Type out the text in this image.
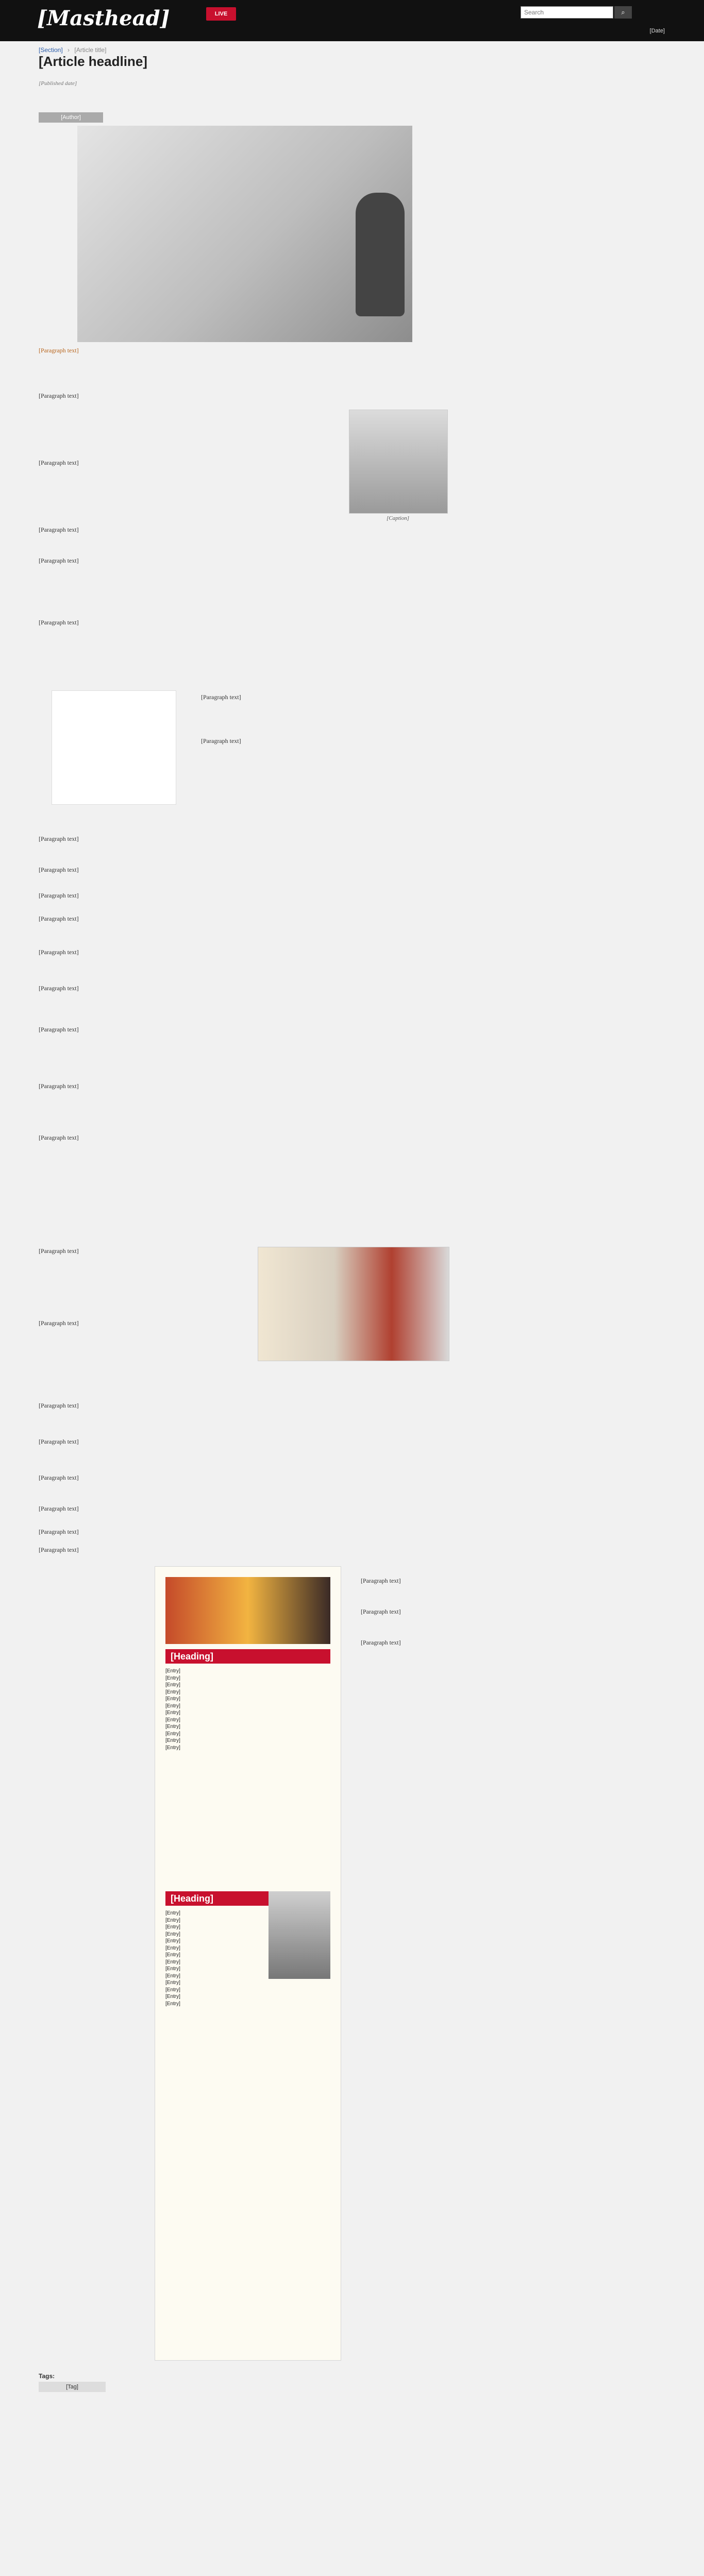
[Masthead]	LIVE
Search	⌕
[Date]
[Section] › [Article title]
[Article headline]
[Published date]
[Author]

[Paragraph text]

[Caption]

[Paragraph text]

[Paragraph text]

[Paragraph text]

[Paragraph text]

[Paragraph text]

[Paragraph text]

[Paragraph text]

[Paragraph text]

[Paragraph text]

[Paragraph text]

[Paragraph text]

[Paragraph text]

[Paragraph text]

[Paragraph text]

[Paragraph text]

[Paragraph text]

[Paragraph text]

[Paragraph text]

[Paragraph text]

[Paragraph text]

[Paragraph text]

[Paragraph text]

[Paragraph text]

[Paragraph text]

[Heading]
[Entry]
[Entry]
[Entry]
[Entry]
[Entry]
[Entry]
[Entry]
[Entry]
[Entry]
[Entry]
[Entry]
[Entry]
[Heading]
[Entry]
[Entry]
[Entry]
[Entry]
[Entry]
[Entry]
[Entry]
[Entry]
[Entry]
[Entry]
[Entry]
[Entry]
[Entry]
[Entry]

[Paragraph text]

[Paragraph text]

[Paragraph text]

Tags:
[Tag]
